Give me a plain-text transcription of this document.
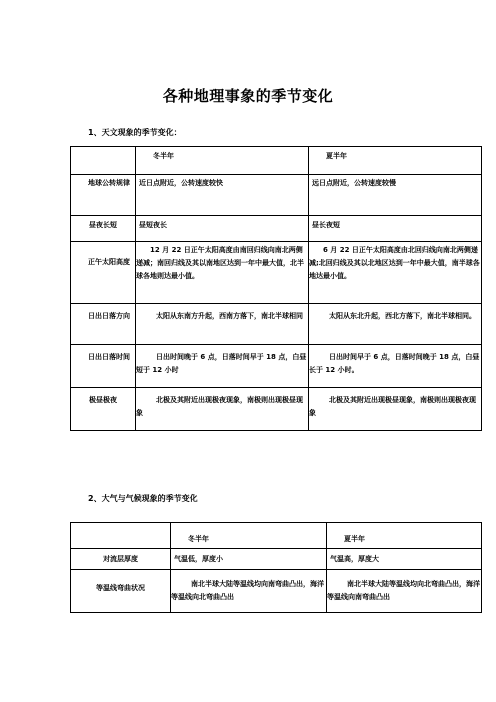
各种地理事象的季节变化
1、天文现象的季节变化：
	冬半年	夏半年
地球公转规律	近日点附近，公转速度较快	远日点附近，公转速度较慢
昼夜长短	昼短夜长	昼长夜短
正午太阳高度	12 月 22 日正午太阳高度由南回归线向南北两侧递减；南回归线及其以南地区达到一年中最大值，北半球各地则达最小值。	6 月 22 日正午太阳高度由北回归线向南北两侧递减;北回归线及其以北地区达到一年中最大值，南半球各地达最小值。
日出日落方向	太阳从东南方升起，西南方落下，南北半球相同	太阳从东北升起，西北方落下，南北半球相同。
日出日落时间	日出时间晚于 6 点，日落时间早于 18 点，白昼短于 12 小时	日出时间早于 6 点，日落时间晚于 18 点，白昼长于 12 小时。
极昼极夜	北极及其附近出现极夜现象，南极则出现极昼现象	北极及其附近出现极昼现象，南极则出现极夜现象
2、大气与气候现象的季节变化
	冬半年	夏半年
对流层厚度	气温低，厚度小	气温高，厚度大
等温线弯曲状况	南北半球大陆等温线均向南弯曲凸出，海洋等温线向北弯曲凸出	南北半球大陆等温线均向北弯曲凸出，海洋等温线向南弯曲凸出
